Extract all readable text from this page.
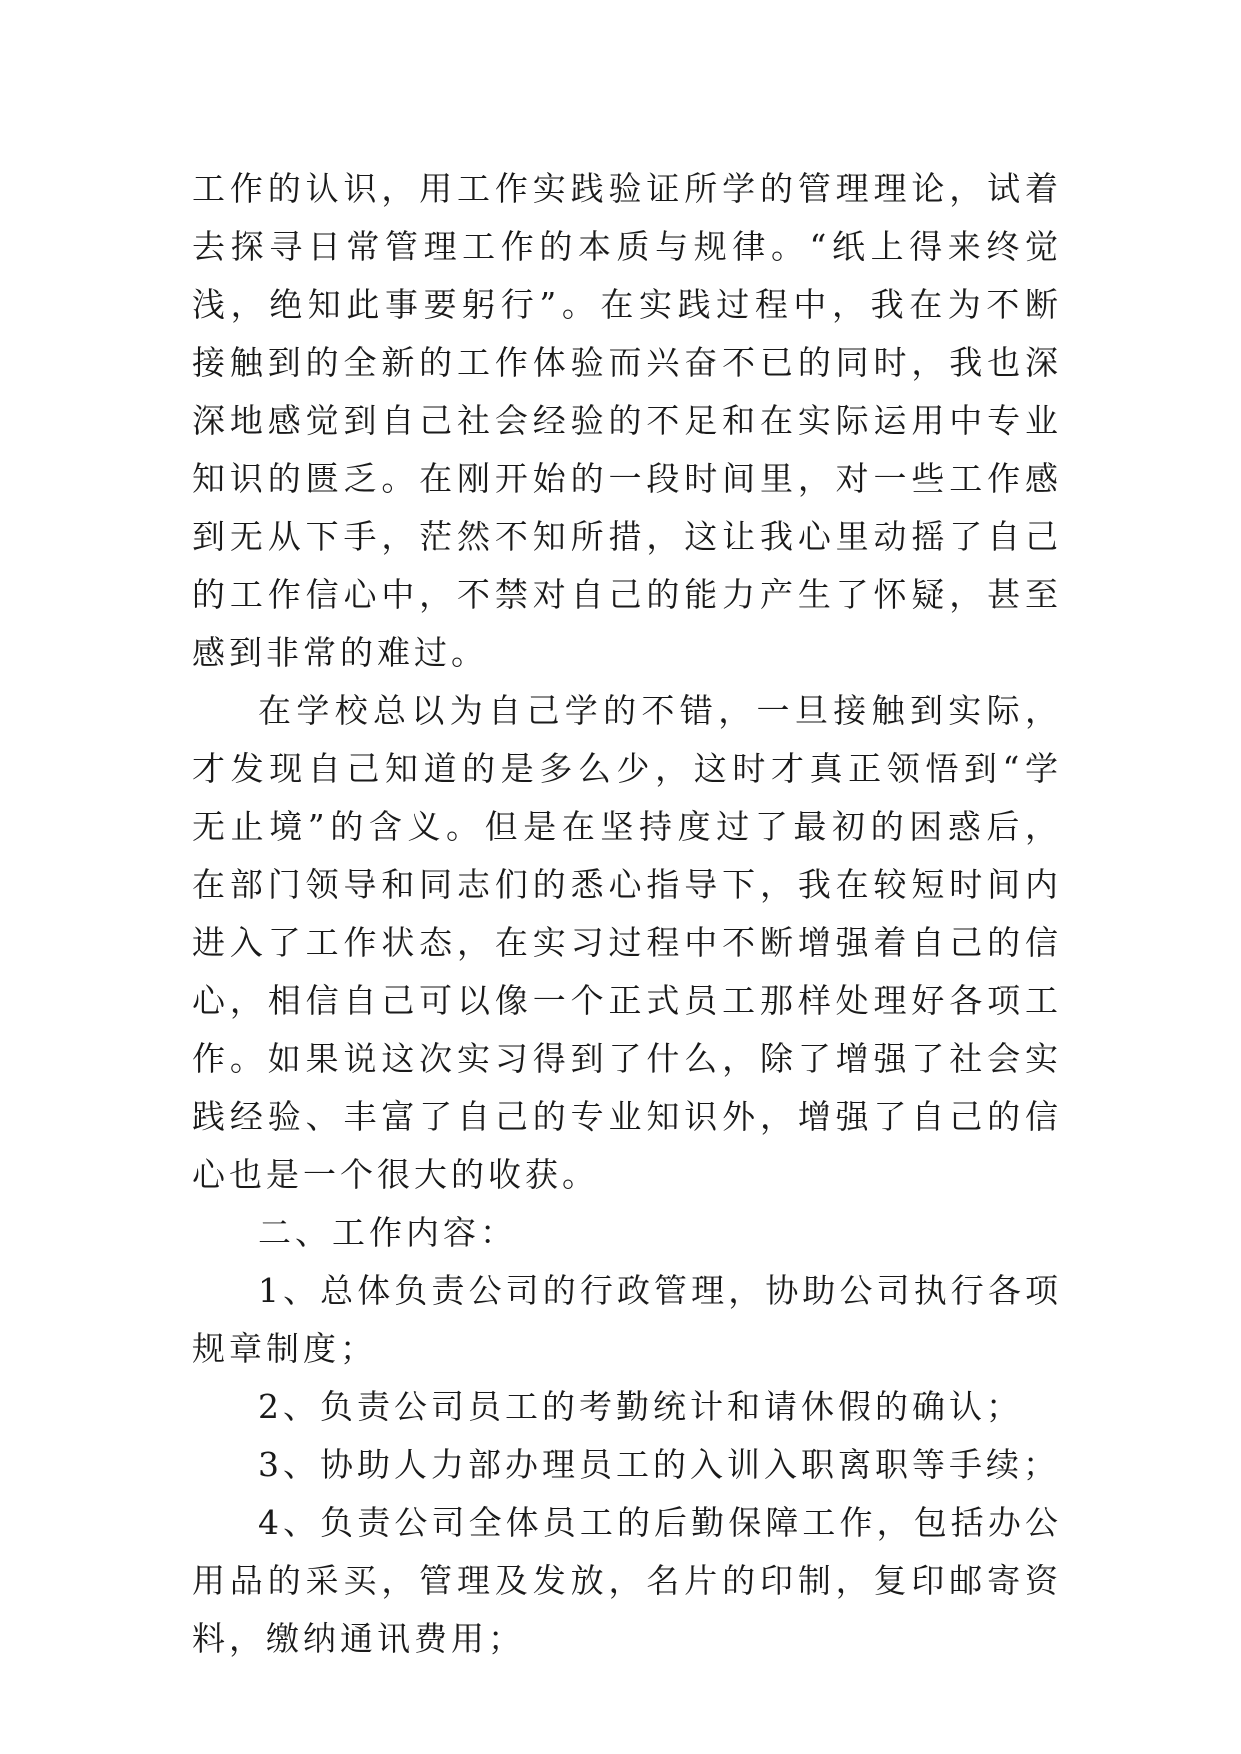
工作的认识，用工作实践验证所学的管理理论，试着去探寻日常管理工作的本质与规律。“纸上得来终觉浅，绝知此事要躬行”。在实践过程中，我在为不断接触到的全新的工作体验而兴奋不已的同时，我也深深地感觉到自己社会经验的不足和在实际运用中专业知识的匮乏。在刚开始的一段时间里，对一些工作感到无从下手，茫然不知所措，这让我心里动摇了自己的工作信心中，不禁对自己的能力产生了怀疑，甚至感到非常的难过。

在学校总以为自己学的不错，一旦接触到实际，才发现自己知道的是多么少，这时才真正领悟到“学无止境”的含义。但是在坚持度过了最初的困惑后，在部门领导和同志们的悉心指导下，我在较短时间内进入了工作状态，在实习过程中不断增强着自己的信心，相信自己可以像一个正式员工那样处理好各项工作。如果说这次实习得到了什么，除了增强了社会实践经验、丰富了自己的专业知识外，增强了自己的信心也是一个很大的收获。

二、工作内容：

1、总体负责公司的行政管理，协助公司执行各项规章制度；

2、负责公司员工的考勤统计和请休假的确认；

3、协助人力部办理员工的入训入职离职等手续；

4、负责公司全体员工的后勤保障工作，包括办公用品的采买，管理及发放，名片的印制，复印邮寄资料，缴纳通讯费用；
